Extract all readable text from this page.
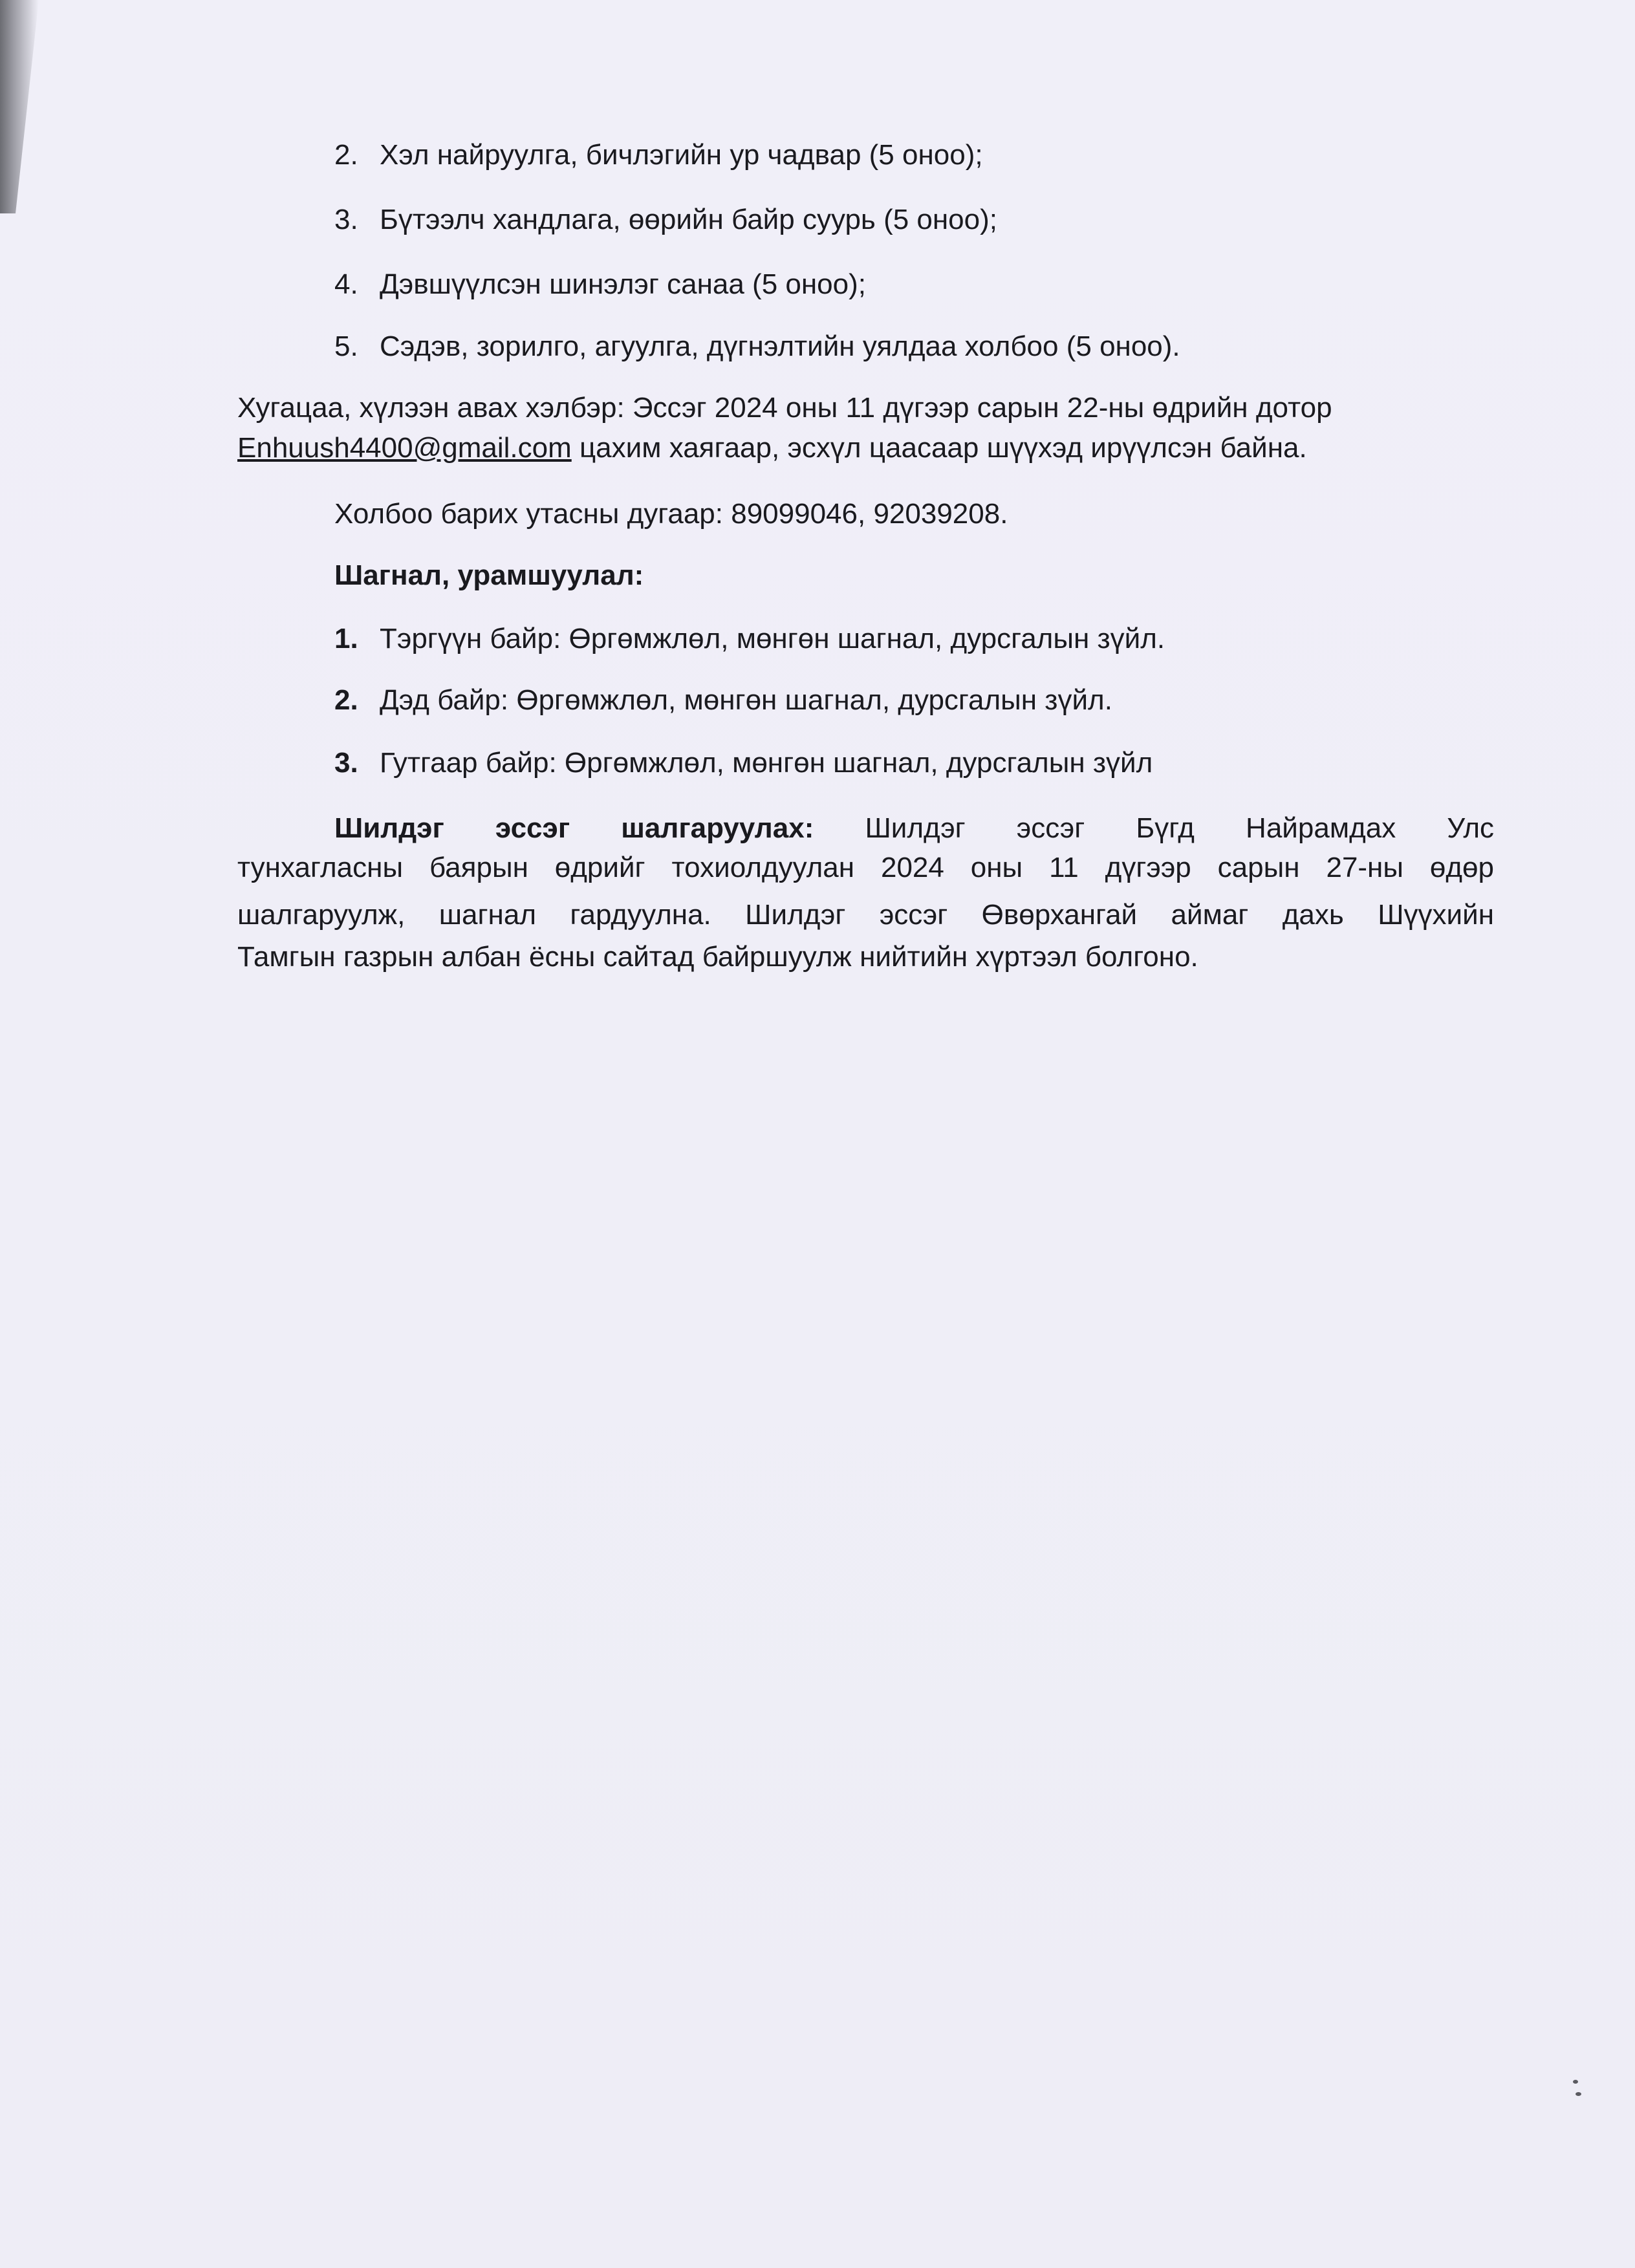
2. Хэл найруулга, бичлэгийн ур чадвар (5 оноо);
3. Бүтээлч хандлага, өөрийн байр суурь (5 оноо);
4. Дэвшүүлсэн шинэлэг санаа (5 оноо);
5. Сэдэв, зорилго, агуулга, дүгнэлтийн уялдаа холбоо (5 оноо).
Хугацаа, хүлээн авах хэлбэр: Эссэг 2024 оны 11 дүгээр сарын 22-ны өдрийн дотор
Enhuush4400@gmail.com цахим хаягаар, эсхүл цаасаар шүүхэд ирүүлсэн байна.
Холбоо барих утасны дугаар: 89099046, 92039208.
Шагнал, урамшуулал:
1. Тэргүүн байр: Өргөмжлөл, мөнгөн шагнал, дурсгалын зүйл.
2. Дэд байр: Өргөмжлөл, мөнгөн шагнал, дурсгалын зүйл.
3. Гутгаар байр: Өргөмжлөл, мөнгөн шагнал, дурсгалын зүйл
Шилдэг эссэг шалгаруулах: Шилдэг эссэг Бүгд Найрамдах Улс
тунхагласны баярын өдрийг тохиолдуулан 2024 оны 11 дүгээр сарын 27-ны өдөр
шалгаруулж, шагнал гардуулна. Шилдэг эссэг Өвөрхангай аймаг дахь Шүүхийн
Тамгын газрын албан ёсны сайтад байршуулж нийтийн хүртээл болгоно.
